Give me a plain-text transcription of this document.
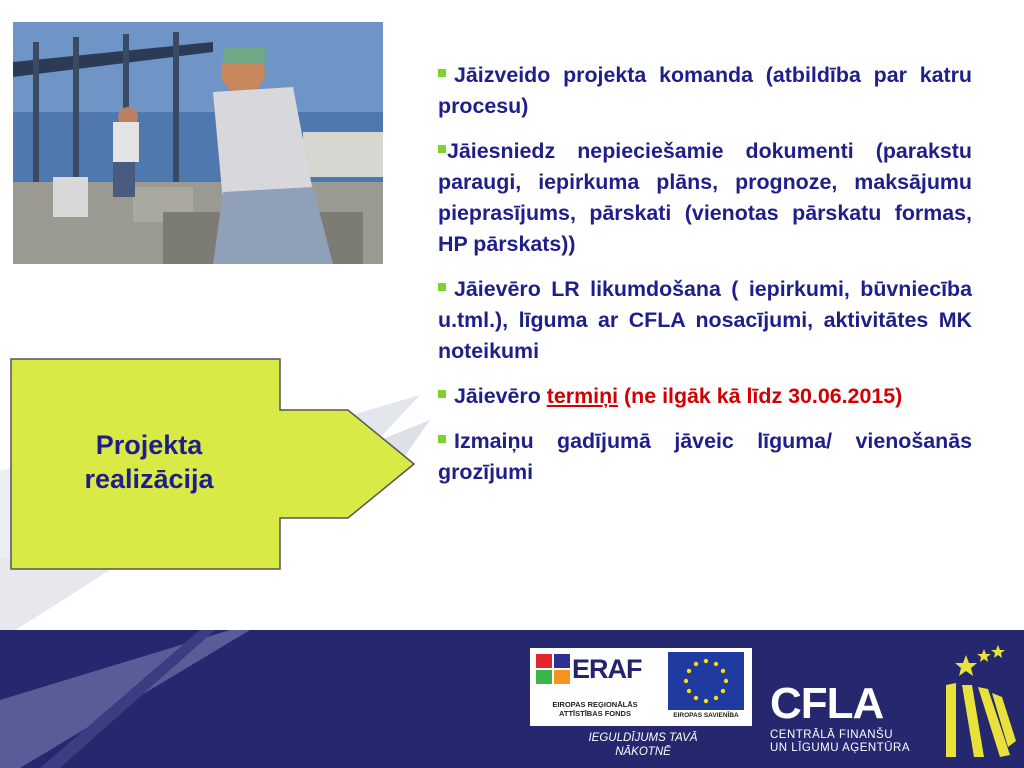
Projekta
realizācija

Jāizveido projekta komanda (atbildība par katru procesu)

Jāiesniedz nepieciešamie dokumenti (parakstu paraugi, iepirkuma plāns, prognoze, maksājumu pieprasījums, pārskati (vienotas pārskatu formas, HP pārskats))

Jāievēro LR likumdošana ( iepirkumi, būvniecība u.tml.), līguma ar CFLA nosacījumi, aktivitātes MK noteikumi

Jāievēro termiņi (ne ilgāk kā līdz 30.06.2015)

Izmaiņu gadījumā jāveic līguma/ vienošanās grozījumi

ERAF
EIROPAS REĢIONĀLĀS
ATTĪSTĪBAS FONDS	EIROPAS SAVIENĪBA
IEGULDĪJUMS TAVĀ
NĀKOTNĒ
CFLA
CENTRĀLĀ FINANŠU
UN LĪGUMU AĢENTŪRA
